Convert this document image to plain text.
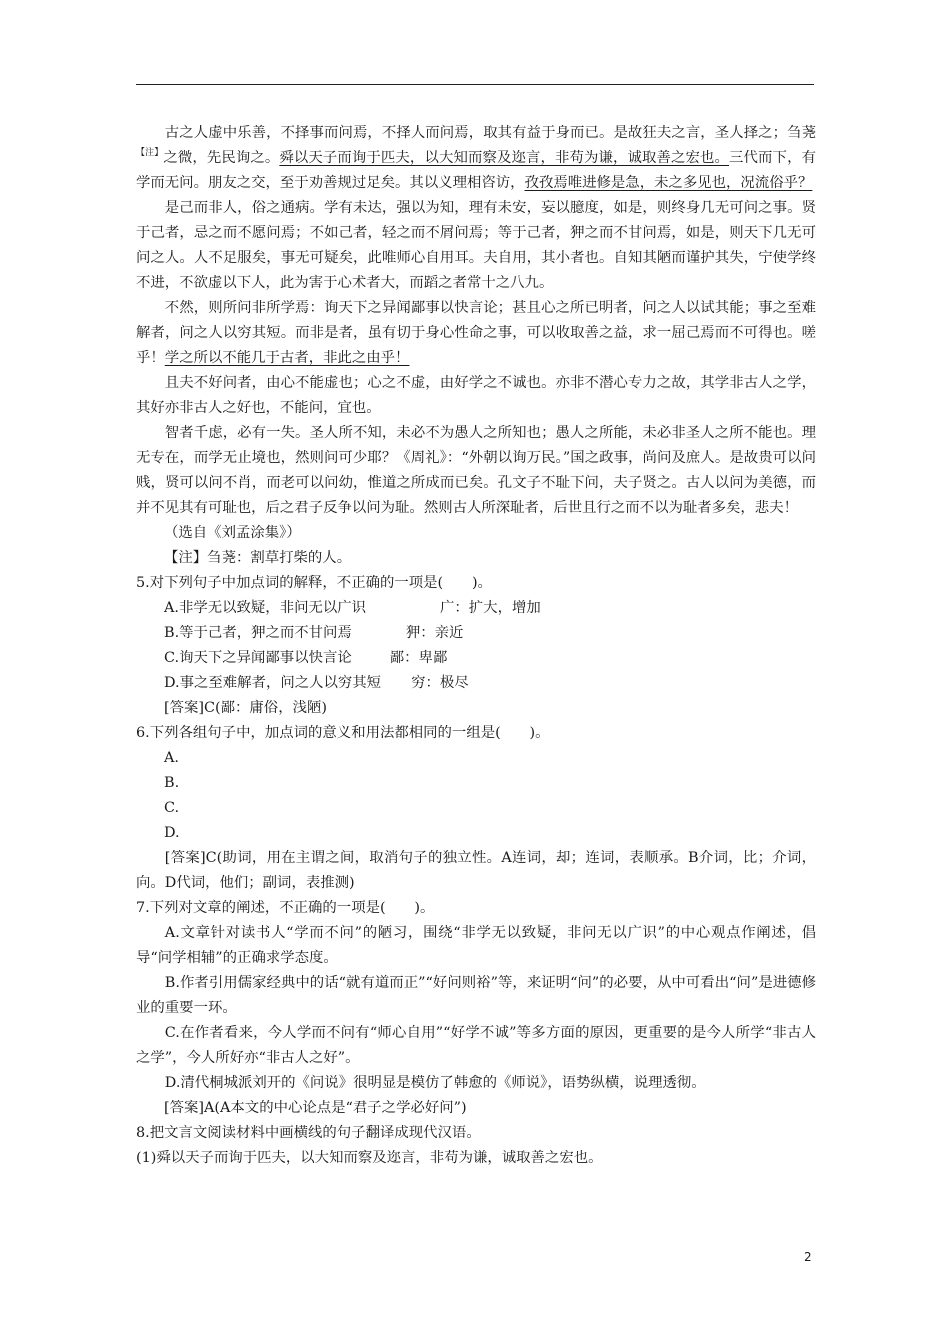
古之人虚中乐善，不择事而问焉，不择人而问焉，取其有益于身而已。是故狂夫之言，圣人择之；刍荛$^{【注】}$之微，先民询之。舜以天子而询于匹夫，以大知而察及迩言，非苟为谦，诚取善之宏也。三代而下，有学而无问。朋友之交，至于劝善规过足矣。其以义理相咨访，孜孜焉唯进修是急，未之多见也，况流俗乎？

是己而非人，俗之通病。学有未达，强以为知，理有未安，妄以臆度，如是，则终身几无可问之事。贤于己者，忌之而不愿问焉；不如己者，轻之而不屑问焉；等于己者，狎之而不甘问焉，如是，则天下几无可问之人。人不足服矣，事无可疑矣，此唯师心自用耳。夫自用，其小者也。自知其陋而谨护其失，宁使学终不进，不欲虚以下人，此为害于心术者大，而蹈之者常十之八九。

不然，则所问非所学焉：询天下之异闻鄙事以快言论；甚且心之所已明者，问之人以试其能；事之至难解者，问之人以穷其短。而非是者，虽有切于身心性命之事，可以收取善之益，求一屈己焉而不可得也。嗟乎！学之所以不能几于古者，非此之由乎！

且夫不好问者，由心不能虚也；心之不虚，由好学之不诚也。亦非不潜心专力之故，其学非古人之学，其好亦非古人之好也，不能问，宜也。

智者千虑，必有一失。圣人所不知，未必不为愚人之所知也；愚人之所能，未必非圣人之所不能也。理无专在，而学无止境也，然则问可少耶？《周礼》：“外朝以询万民。”国之政事，尚问及庶人。是故贵可以问贱，贤可以问不肖，而老可以问幼，惟道之所成而已矣。孔文子不耻下问，夫子贤之。古人以问为美德，而并不见其有可耻也，后之君子反争以问为耻。然则古人所深耻者，后世且行之而不以为耻者多矣，悲夫！

（选自《刘孟涂集》）

【注】刍荛：割草打柴的人。

5.对下列句子中加点词的解释，不正确的一项是(　　)。

A.非学无以致疑，非问无以广识	广：扩大，增加

B.等于己者，狎之而不甘问焉	狎：亲近

C.询天下之异闻鄙事以快言论	鄙：卑鄙

D.事之至难解者，问之人以穷其短 穷：极尽

[答案]C(鄙：庸俗，浅陋)

6.下列各组句子中，加点词的意义和用法都相同的一组是(　　)。

A.

B.

C.

D.

[答案]C(助词，用在主谓之间，取消句子的独立性。A连词，却；连词，表顺承。B介词，比；介词，向。D代词，他们；副词，表推测)

7.下列对文章的阐述，不正确的一项是(　　)。

A.文章针对读书人“学而不问”的陋习，围绕“非学无以致疑，非问无以广识”的中心观点作阐述，倡导“问学相辅”的正确求学态度。

B.作者引用儒家经典中的话“就有道而正”“好问则裕”等，来证明“问”的必要，从中可看出“问”是进德修业的重要一环。

C.在作者看来，今人学而不问有“师心自用”“好学不诚”等多方面的原因，更重要的是今人所学“非古人之学”，今人所好亦“非古人之好”。

D.清代桐城派刘开的《问说》很明显是模仿了韩愈的《师说》，语势纵横，说理透彻。

[答案]A(A本文的中心论点是“君子之学必好问”)

8.把文言文阅读材料中画横线的句子翻译成现代汉语。

(1)舜以天子而询于匹夫，以大知而察及迩言，非苟为谦，诚取善之宏也。

2
